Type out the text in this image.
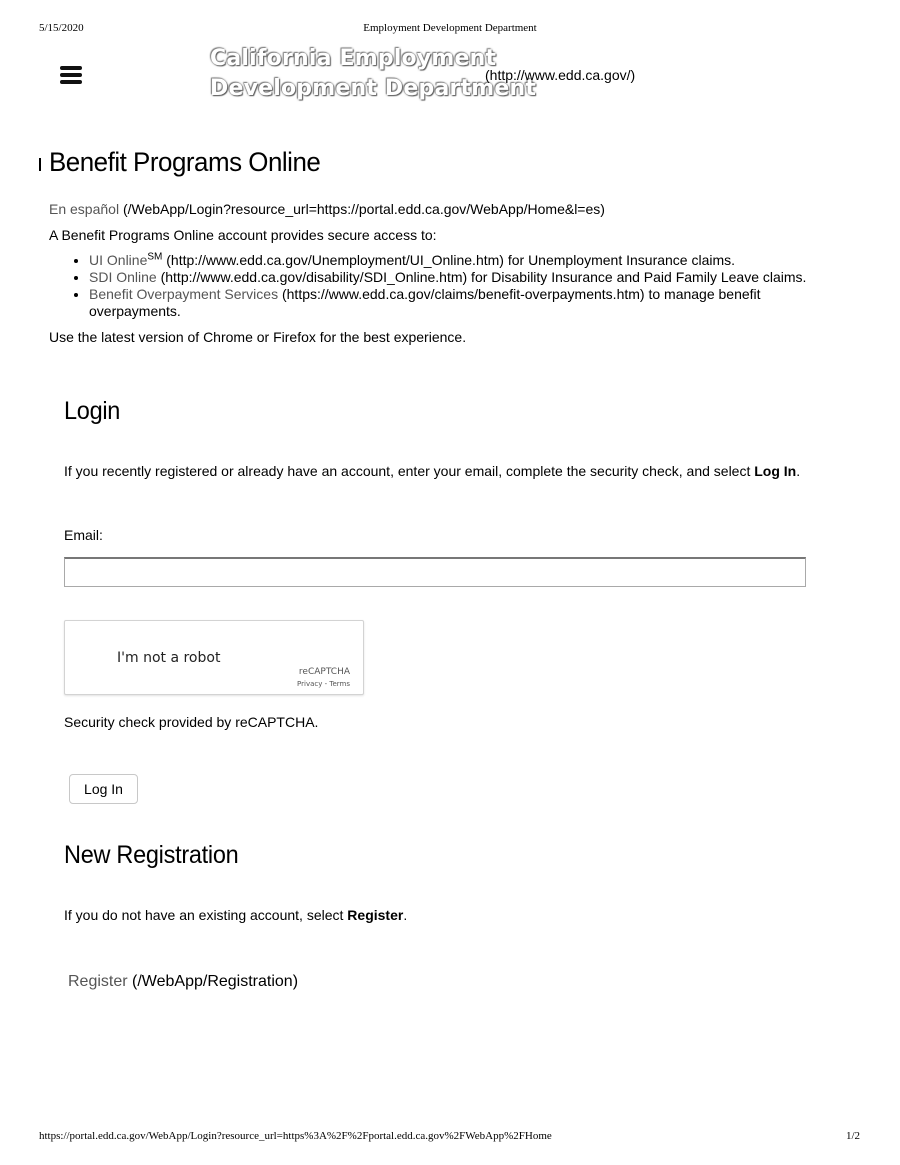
5/15/2020	Employment Development Department
California Employment
Development Department
(http://www.edd.ca.gov/)
Benefit Programs Online

En español (/WebApp/Login?resource_url=https://portal.edd.ca.gov/WebApp/Home&l=es)

A Benefit Programs Online account provides secure access to:

• UI Online℠ (http://www.edd.ca.gov/Unemployment/UI_Online.htm) for Unemployment Insurance claims.
• SDI Online (http://www.edd.ca.gov/disability/SDI_Online.htm) for Disability Insurance and Paid Family Leave claims.
• Benefit Overpayment Services (https://www.edd.ca.gov/claims/benefit-overpayments.htm) to manage benefit overpayments.

Use the latest version of Chrome or Firefox for the best experience.

Login

If you recently registered or already have an account, enter your email, complete the security check, and select Log In.

Email:
I'm not a robot
reCAPTCHA
Privacy - Terms
Security check provided by reCAPTCHA.
Log In
New Registration

If you do not have an existing account, select Register.

Register (/WebApp/Registration)
https://portal.edd.ca.gov/WebApp/Login?resource_url=https%3A%2F%2Fportal.edd.ca.gov%2FWebApp%2FHome	1/2
